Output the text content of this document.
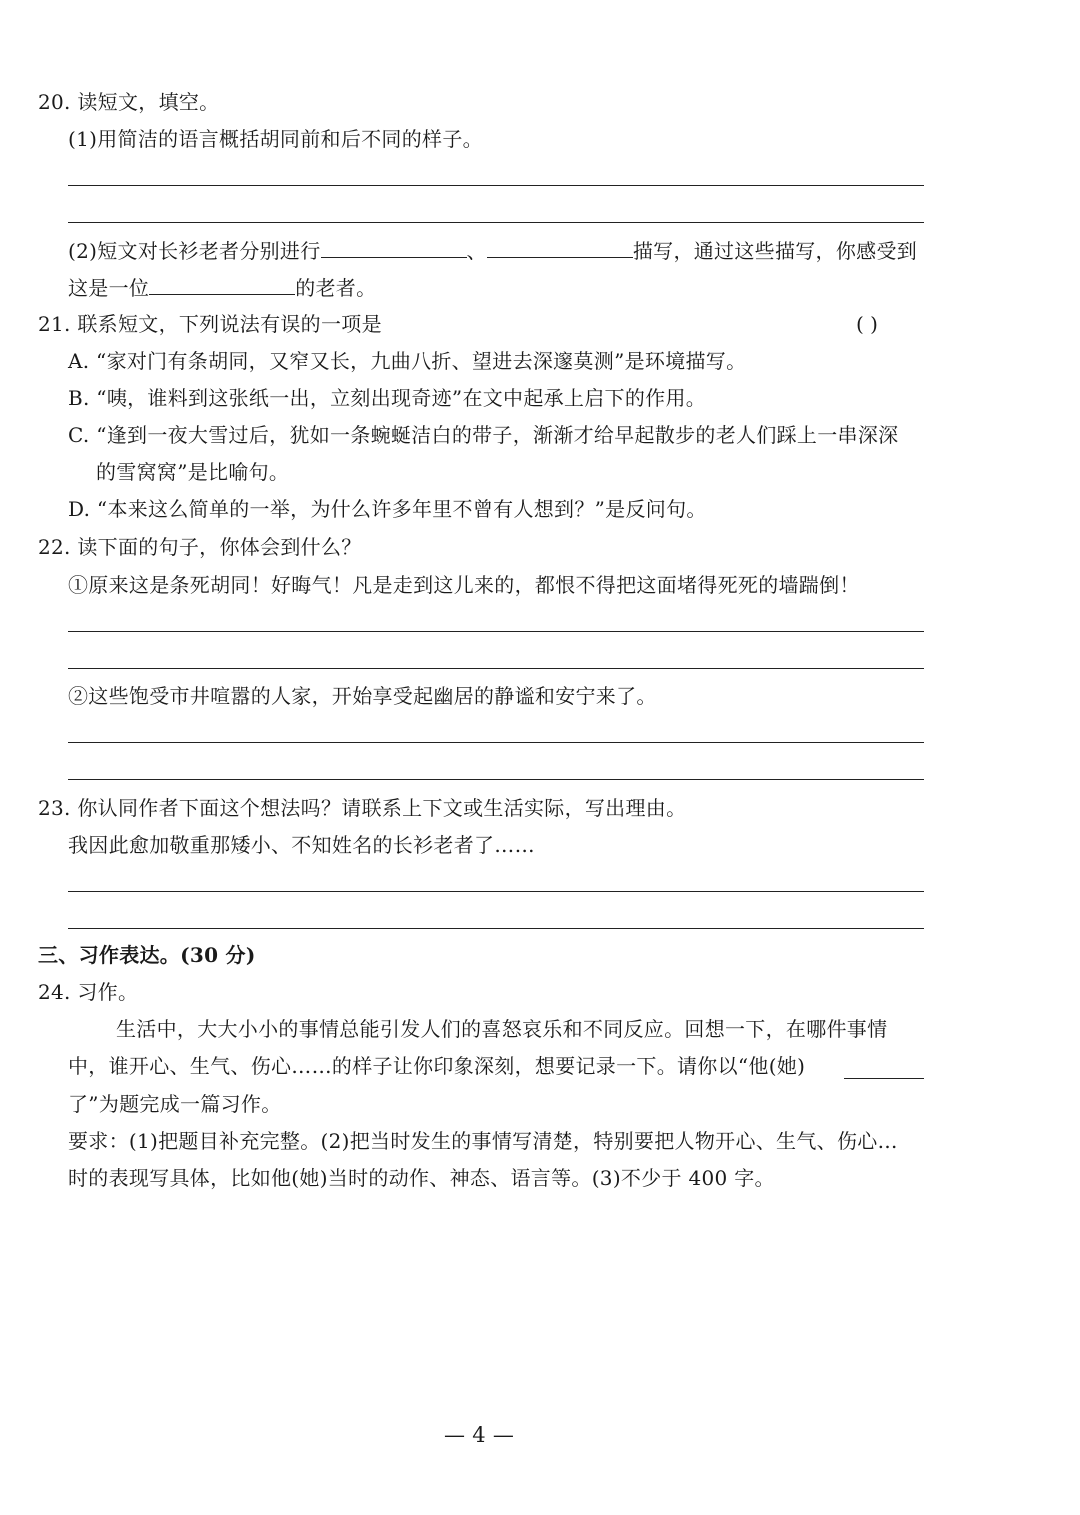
20. 读短文，填空。
(1)用简洁的语言概括胡同前和后不同的样子。
(2)短文对长衫老者分别进行	、	描写，通过这些描写，你感受到
这是一位	的老者。
21. 联系短文，下列说法有误的一项是	( )
A. “家对门有条胡同，又窄又长，九曲八折、望进去深邃莫测”是环境描写。
B. “咦，谁料到这张纸一出，立刻出现奇迹”在文中起承上启下的作用。
C. “逢到一夜大雪过后，犹如一条蜿蜒洁白的带子，渐渐才给早起散步的老人们踩上一串深深
的雪窝窝”是比喻句。
D. “本来这么简单的一举，为什么许多年里不曾有人想到？”是反问句。
22. 读下面的句子，你体会到什么？
①原来这是条死胡同！好晦气！凡是走到这儿来的，都恨不得把这面堵得死死的墙踹倒！
②这些饱受市井喧嚣的人家，开始享受起幽居的静谧和安宁来了。
23. 你认同作者下面这个想法吗？请联系上下文或生活实际，写出理由。
我因此愈加敬重那矮小、不知姓名的长衫老者了……
三、习作表达。(30 分)
24. 习作。
生活中，大大小小的事情总能引发人们的喜怒哀乐和不同反应。回想一下，在哪件事情
中，谁开心、生气、伤心……的样子让你印象深刻，想要记录一下。请你以“他(她)
了”为题完成一篇习作。
要求：(1)把题目补充完整。(2)把当时发生的事情写清楚，特别要把人物开心、生气、伤心…
时的表现写具体，比如他(她)当时的动作、神态、语言等。(3)不少于 400 字。
— 4 —
